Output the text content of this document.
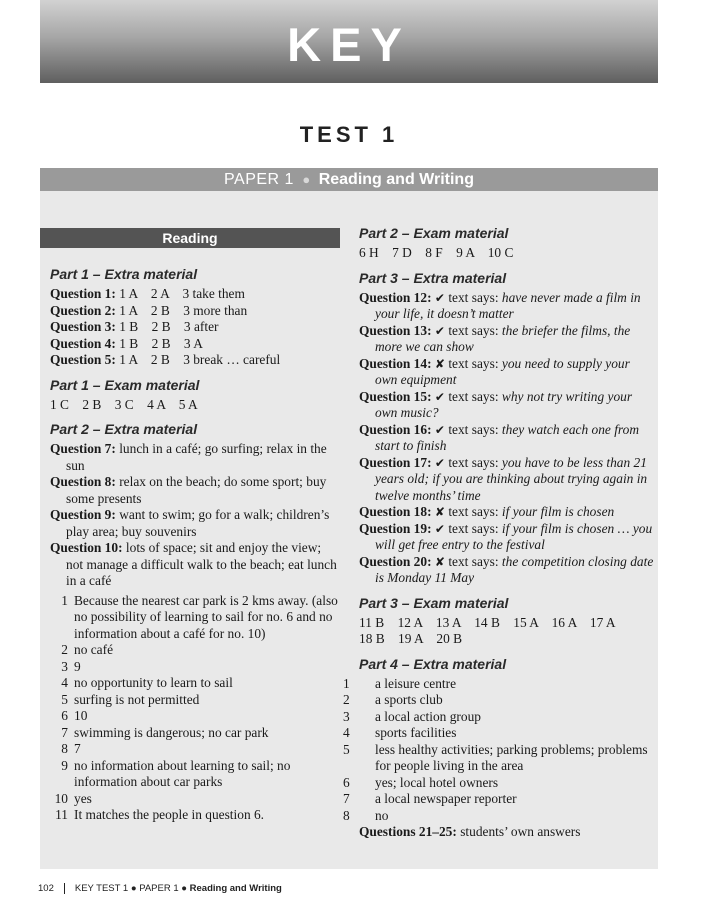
KEY
TEST 1
PAPER 1 ● Reading and Writing
Reading
Part 1 – Extra material
Question 1: 1 A    2 A    3 take them
Question 2: 1 A    2 B    3 more than
Question 3: 1 B    2 B    3 after
Question 4: 1 B    2 B    3 A
Question 5: 1 A    2 B    3 break … careful
Part 1 – Exam material
1 C    2 B    3 C    4 A    5 A
Part 2 – Extra material
Question 7: lunch in a café; go surfing; relax in the sun
Question 8: relax on the beach; do some sport; buy some presents
Question 9: want to swim; go for a walk; children’s play area; buy souvenirs
Question 10: lots of space; sit and enjoy the view; not manage a difficult walk to the beach; eat lunch in a café
1 Because the nearest car park is 2 kms away. (also no possibility of learning to sail for no. 6 and no information about a café for no. 10)
2 no café
3 9
4 no opportunity to learn to sail
5 surfing is not permitted
6 10
7 swimming is dangerous; no car park
8 7
9 no information about learning to sail; no information about car parks
10 yes
11 It matches the people in question 6.
Part 2 – Exam material
6 H    7 D    8 F    9 A    10 C
Part 3 – Extra material
Question 12: ✔ text says: have never made a film in your life, it doesn’t matter
Question 13: ✔ text says: the briefer the films, the more we can show
Question 14: ✘ text says: you need to supply your own equipment
Question 15: ✔ text says: why not try writing your own music?
Question 16: ✔ text says: they watch each one from start to finish
Question 17: ✔ text says: you have to be less than 21 years old; if you are thinking about trying again in twelve months’ time
Question 18: ✘ text says: if your film is chosen
Question 19: ✔ text says: if your film is chosen … you will get free entry to the festival
Question 20: ✘ text says: the competition closing date is Monday 11 May
Part 3 – Exam material
11 B    12 A    13 A    14 B    15 A    16 A    17 A
18 B    19 A    20 B
Part 4 – Extra material
1 a leisure centre
2 a sports club
3 a local action group
4 sports facilities
5 less healthy activities; parking problems; problems for people living in the area
6 yes; local hotel owners
7 a local newspaper reporter
8 no
Questions 21–25: students’ own answers
102 KEY TEST 1 ● PAPER 1 ● Reading and Writing
